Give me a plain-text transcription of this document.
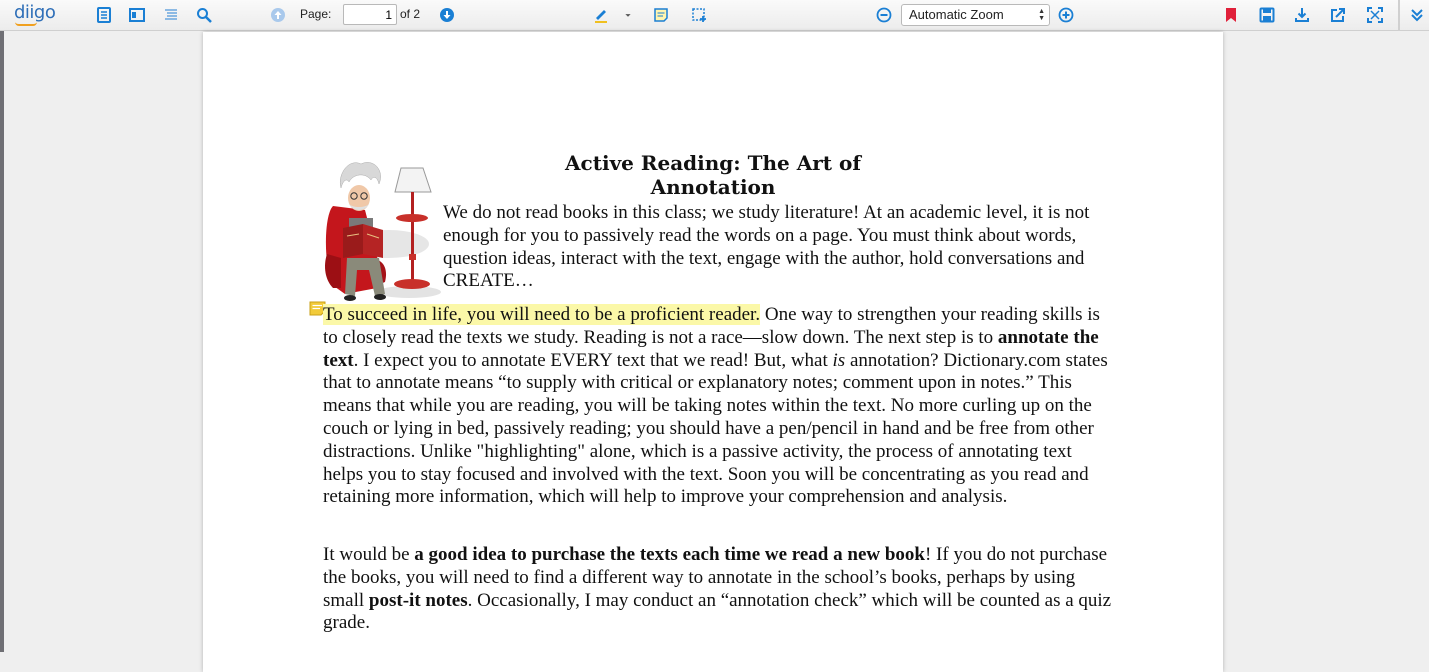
diigo	Page:
1	of 2	Automatic Zoom	▲
▼
Active Reading: The Art of Annotation
We do not read books in this class; we study literature! At an academic level, it is not enough for you to passively read the words on a page. You must think about words, question ideas, interact with the text, engage with the author, hold conversations and CREATE…
To succeed in life, you will need to be a proficient reader. One way to strengthen your reading skills is to closely read the texts we study. Reading is not a race—slow down. The next step is to annotate the text. I expect you to annotate EVERY text that we read! But, what is annotation? Dictionary.com states that to annotate means “to supply with critical or explanatory notes; comment upon in notes.” This means that while you are reading, you will be taking notes within the text. No more curling up on the couch or lying in bed, passively reading; you should have a pen/pencil in hand and be free from other distractions. Unlike "highlighting" alone, which is a passive activity, the process of annotating text helps you to stay focused and involved with the text. Soon you will be concentrating as you read and retaining more information, which will help to improve your comprehension and analysis.
It would be a good idea to purchase the texts each time we read a new book! If you do not purchase the books, you will need to find a different way to annotate in the school’s books, perhaps by using small post-it notes. Occasionally, I may conduct an “annotation check” which will be counted as a quiz grade.
